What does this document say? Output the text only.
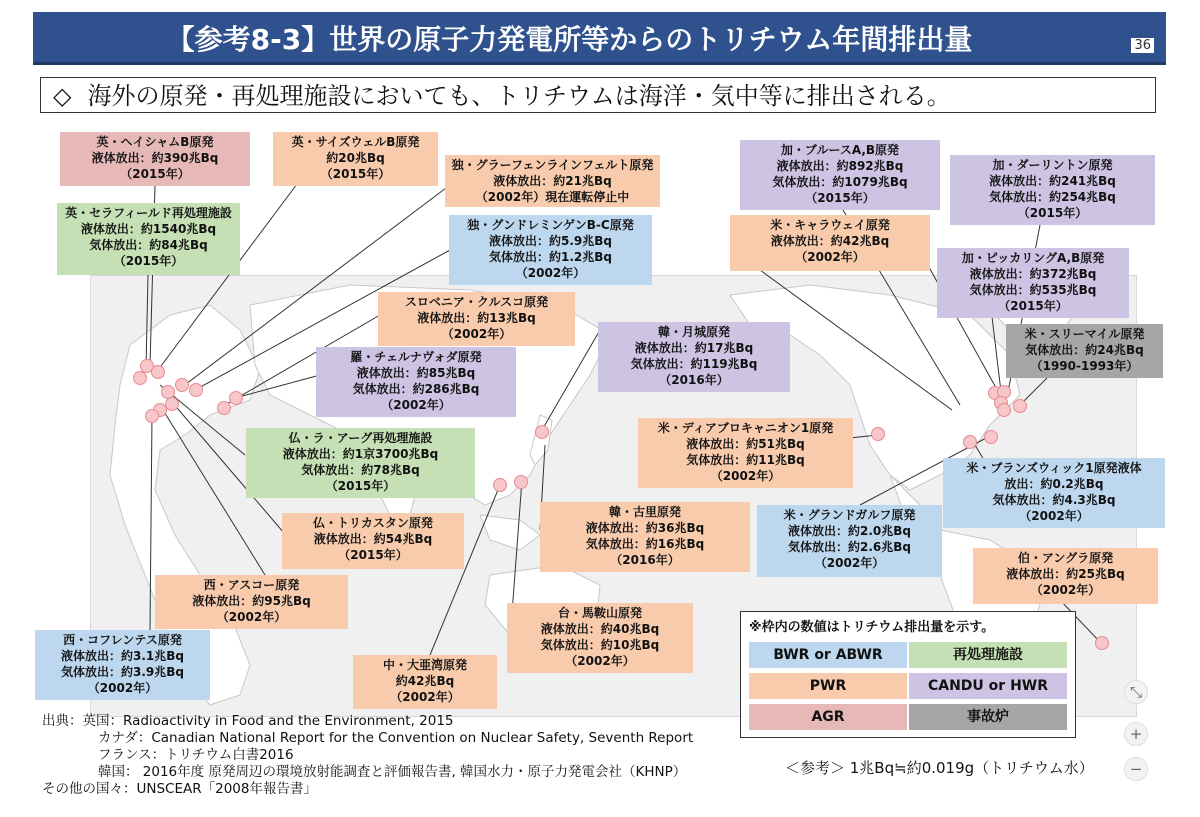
【参考8-3】世界の原子力発電所等からのトリチウム年間排出量	36
◇ 海外の原発・再処理施設においても、トリチウムは海洋・気中等に排出される。
英・ヘイシャムB原発
液体放出：約390兆Bq
（2015年）
英・サイズウェルB原発
約20兆Bq
（2015年）
独・グラーフェンラインフェルト原発
液体放出：約21兆Bq
（2002年）現在運転停止中
英・セラフィールド再処理施設
液体放出：約1540兆Bq
気体放出：約84兆Bq
（2015年）
独・グンドレミンゲンB-C原発
液体放出：約5.9兆Bq
気体放出：約1.2兆Bq
（2002年）
加・ブルースA,B原発
液体放出：約892兆Bq
気体放出：約1079兆Bq
（2015年）
加・ダーリントン原発
液体放出：約241兆Bq
気体放出：約254兆Bq
（2015年）
米・キャラウェイ原発
液体放出：約42兆Bq
（2002年）	加・ピッカリングA,B原発
液体放出：約372兆Bq
気体放出：約535兆Bq
（2015年）
スロベニア・クルスコ原発
液体放出：約13兆Bq
（2002年）	韓・月城原発
液体放出：約17兆Bq
気体放出：約119兆Bq
（2016年）
米・スリーマイル原発
気体放出：約24兆Bq
（1990-1993年）
羅・チェルナヴォダ原発
液体放出：約85兆Bq
気体放出：約286兆Bq
（2002年）
米・ディアブロキャニオン1原発
液体放出：約51兆Bq
気体放出：約11兆Bq
（2002年）
仏・ラ・アーグ再処理施設
液体放出：約1京3700兆Bq
気体放出：約78兆Bq
（2015年）
米・ブランズウィック1原発液体
放出：約0.2兆Bq
気体放出：約4.3兆Bq
（2002年）
仏・トリカスタン原発
液体放出：約54兆Bq
（2015年）
韓・古里原発
液体放出：約36兆Bq
気体放出：約16兆Bq
（2016年）
米・グランドガルフ原発
液体放出：約2.0兆Bq
気体放出：約2.6兆Bq
（2002年）	伯・アングラ原発
液体放出：約25兆Bq
（2002年）
西・アスコー原発
液体放出：約95兆Bq
（2002年）	台・馬鞍山原発
液体放出：約40兆Bq
気体放出：約10兆Bq
（2002年）
西・コフレンテス原発
液体放出：約3.1兆Bq
気体放出：約3.9兆Bq
（2002年）
中・大亜湾原発
約42兆Bq
（2002年）
※枠内の数値はトリチウム排出量を示す。
BWR or ABWR	再処理施設
PWR	CANDU or HWR
AGR	事故炉
出典：英国：Radioactivity in Food and the Environment, 2015
カナダ：Canadian National Report for the Convention on Nuclear Safety, Seventh Report
フランス：トリチウム白書2016
韓国： 2016年度 原発周辺の環境放射能調査と評価報告書, 韓国水力・原子力発電会社（KHNP）
その他の国々：UNSCEAR「2008年報告書」
＜参考＞ 1兆Bq≒約0.019g（トリチウム水）
⤡
+
−
